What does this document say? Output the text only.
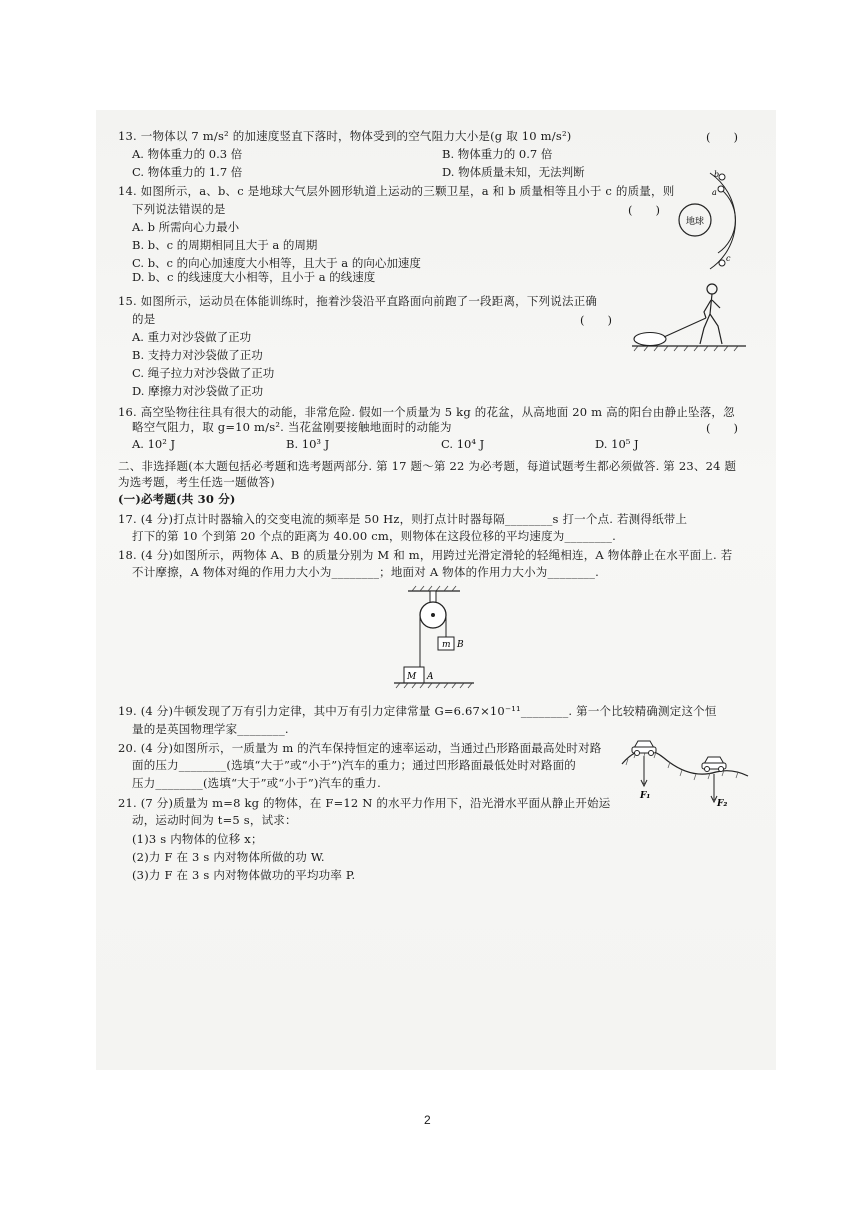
13. 一物体以 7 m/s² 的加速度竖直下落时，物体受到的空气阻力大小是(g 取 10 m/s²)	(　　)
A. 物体重力的 0.3 倍	B. 物体重力的 0.7 倍
C. 物体重力的 1.7 倍	D. 物体质量未知，无法判断
14. 如图所示，a、b、c 是地球大气层外圆形轨道上运动的三颗卫星，a 和 b 质量相等且小于 c 的质量，则
下列说法错误的是	(　　)
A. b 所需向心力最小
B. b、c 的周期相同且大于 a 的周期
C. b、c 的向心加速度大小相等，且大于 a 的向心加速度
D. b、c 的线速度大小相等，且小于 a 的线速度
地球
a
b
c
15. 如图所示，运动员在体能训练时，拖着沙袋沿平直路面向前跑了一段距离，下列说法正确
的是	(　　)
A. 重力对沙袋做了正功
B. 支持力对沙袋做了正功
C. 绳子拉力对沙袋做了正功
D. 摩擦力对沙袋做了正功
16. 高空坠物往往具有很大的动能，非常危险. 假如一个质量为 5 kg 的花盆，从高地面 20 m 高的阳台由静止坠落，忽
略空气阻力，取 g=10 m/s². 当花盆刚要接触地面时的动能为	(　　)
A. 10² J	B. 10³ J	C. 10⁴ J	D. 10⁵ J
二、非选择题(本大题包括必考题和选考题两部分. 第 17 题～第 22 为必考题，每道试题考生都必须做答. 第 23、24 题
为选考题，考生任选一题做答)
(一)必考题(共 30 分)
17. (4 分)打点计时器输入的交变电流的频率是 50 Hz，则打点计时器每隔________s 打一个点. 若测得纸带上
打下的第 10 个到第 20 个点的距离为 40.00 cm，则物体在这段位移的平均速度为________.
18. (4 分)如图所示，两物体 A、B 的质量分别为 M 和 m，用跨过光滑定滑轮的轻绳相连，A 物体静止在水平面上. 若
不计摩擦，A 物体对绳的作用力大小为________；地面对 A 物体的作用力大小为________.
m B
M A
19. (4 分)牛顿发现了万有引力定律，其中万有引力定律常量 G=6.67×10⁻¹¹________. 第一个比较精确测定这个恒
量的是英国物理学家________.
20. (4 分)如图所示，一质量为 m 的汽车保持恒定的速率运动，当通过凸形路面最高处时对路
面的压力________(选填“大于”或“小于”)汽车的重力；通过凹形路面最低处时对路面的
压力________(选填“大于”或“小于”)汽车的重力.
F₁
F₂
21. (7 分)质量为 m=8 kg 的物体，在 F=12 N 的水平力作用下，沿光滑水平面从静止开始运
动，运动时间为 t=5 s，试求：
(1)3 s 内物体的位移 x；
(2)力 F 在 3 s 内对物体所做的功 W.
(3)力 F 在 3 s 内对物体做功的平均功率 P.
2
